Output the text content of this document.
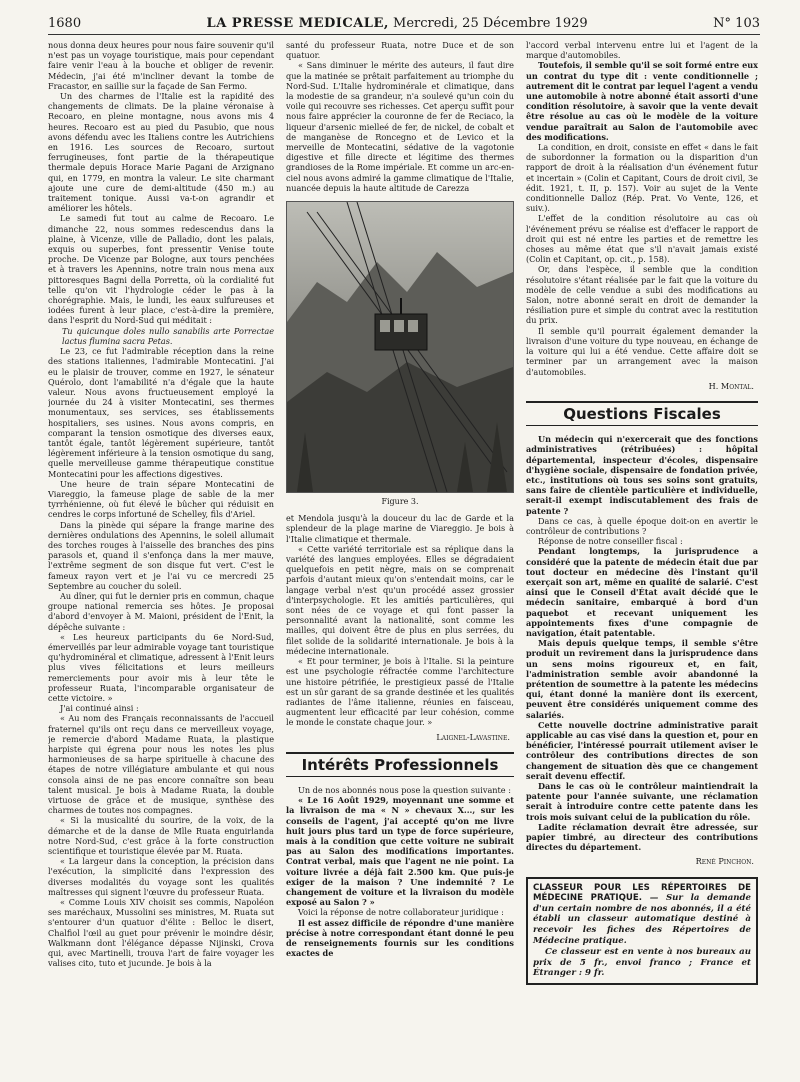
1680	LA PRESSE MEDICALE, Mercredi, 25 Décembre 1929	N° 103

nous donna deux heures pour nous faire souvenir qu'il n'est pas un voyage touristique, mais pour cependant faire venir l'eau à la bouche et obliger de revenir. Médecin, j'ai été m'incliner devant la tombe de Fracastor, en saillie sur la façade de San Fermo.

Un des charmes de l'Italie est la rapidité des changements de climats. De la plaine véronaise à Recoaro, en pleine montagne, nous avons mis 4 heures. Recoaro est au pied du Pasubio, que nous avons défendu avec les Italiens contre les Autrichiens en 1916. Les sources de Recoaro, surtout ferrugineuses, font partie de la thérapeutique thermale depuis Horace Marie Pagani de Arzignano qui, en 1779, en montra la valeur. Le site charmant ajoute une cure de demi-altitude (450 m.) au traitement tonique. Aussi va-t-on agrandir et améliorer les hôtels.

Le samedi fut tout au calme de Recoaro. Le dimanche 22, nous sommes redescendus dans la plaine, à Vicenze, ville de Palladio, dont les palais, exquis ou superbes, font pressentir Venise toute proche. De Vicenze par Bologne, aux tours penchées et à travers les Apennins, notre train nous mena aux pittoresques Bagni della Porretta, où la cordialité fut telle qu'on vit l'hydrologie céder le pas à la chorégraphie. Mais, le lundi, les eaux sulfureuses et iodées furent à leur place, c'est-à-dire la première, dans l'esprit du Nord-Sud qui méditait :

Tu quicunque doles nullo sanabilis arte Porrectae lactus flumina sacra Petas.

Le 23, ce fut l'admirable réception dans la reine des stations italiennes, l'admirable Montecatini. J'ai eu le plaisir de trouver, comme en 1927, le sénateur Quérolo, dont l'amabilité n'a d'égale que la haute valeur. Nous avons fructueusement employé la journée du 24 à visiter Montecatini, ses thermes monumentaux, ses services, ses établissements hospitaliers, ses usines. Nous avons compris, en comparant la tension osmotique des diverses eaux, tantôt égale, tantôt légèrement supérieure, tantôt légèrement inférieure à la tension osmotique du sang, quelle merveilleuse gamme thérapeutique constitue Montecatini pour les affections digestives.

Une heure de train sépare Montecatini de Viareggio, la fameuse plage de sable de la mer tyrrhénienne, où fut élevé le bûcher qui réduisit en cendres le corps infortuné de Schelley, fils d'Ariel.

Dans la pinède qui sépare la frange marine des dernières ondulations des Apennins, le soleil allumait des torches rouges à l'aisselle des branches des pins parasols et, quand il s'enfonça dans la mer mauve, l'extrême segment de son disque fut vert. C'est le fameux rayon vert et je l'ai vu ce mercredi 25 Septembre au coucher du soleil.

Au dîner, qui fut le dernier pris en commun, chaque groupe national remercia ses hôtes. Je proposai d'abord d'envoyer à M. Maioni, président de l'Enit, la dépêche suivante :

« Les heureux participants du 6e Nord-Sud, émerveillés par leur admirable voyage tant touristique qu'hydrominéral et climatique, adressent à l'Enit leurs plus vives félicitations et leurs meilleurs remerciements pour avoir mis à leur tête le professeur Ruata, l'incomparable organisateur de cette victoire. »

J'ai continué ainsi :

« Au nom des Français reconnaissants de l'accueil fraternel qu'ils ont reçu dans ce merveilleux voyage, je remercie d'abord Madame Ruata, la plastique harpiste qui égrena pour nous les notes les plus harmonieuses de sa harpe spirituelle à chacune des étapes de notre villégiature ambulante et qui nous consola ainsi de ne pas encore connaître son beau talent musical. Je bois à Madame Ruata, la double virtuose de grâce et de musique, synthèse des charmes de toutes nos compagnes.

« Si la musicalité du sourire, de la voix, de la démarche et de la danse de Mlle Ruata enguirlanda notre Nord-Sud, c'est grâce à la forte construction scientifique et touristique élevée par M. Ruata.

« La largeur dans la conception, la précision dans l'exécution, la simplicité dans l'expression des diverses modalités du voyage sont les qualités maîtresses qui signent l'œuvre du professeur Ruata.

« Comme Louis XIV choisit ses commis, Napoléon ses maréchaux, Mussolini ses ministres, M. Ruata sut s'entourer d'un quatuor d'élite : Belloc le disert, Chalfiol l'œil au guet pour prévenir le moindre désir, Walkmann dont l'élégance dépasse Nijinski, Crova qui, avec Martinelli, trouva l'art de faire voyager les valises cito, tuto et jucunde. Je bois à la

santé du professeur Ruata, notre Duce et de son quatuor.

« Sans diminuer le mérite des auteurs, il faut dire que la matinée se prêtait parfaitement au triomphe du Nord-Sud. L'Italie hydrominérale et climatique, dans la modestie de sa grandeur, n'a soulevé qu'un coin du voile qui recouvre ses richesses. Cet aperçu suffit pour nous faire apprécier la couronne de fer de Reciaco, la liqueur d'arsenic mielleé de fer, de nickel, de cobalt et de manganèse de Roncegno et de Levico et la merveille de Montecatini, sédative de la vagotonie digestive et fille directe et légitime des thermes grandioses de la Rome impériale. Et comme un arc-en-ciel nous avons admiré la gamme climatique de l'Italie, nuancée depuis la haute altitude de Carezza

Figure 3.

et Mendola jusqu'à la douceur du lac de Garde et la splendeur de la plage marine de Viareggio. Je bois à l'Italie climatique et thermale.

« Cette variété territoriale est sa réplique dans la variété des langues employées. Elles se dégradaient quelquefois en petit nègre, mais on se comprenait parfois d'autant mieux qu'on s'entendait moins, car le langage verbal n'est qu'un procédé assez grossier d'interpsychologie. Et les amitiés particulières, qui sont nées de ce voyage et qui font passer la personnalité avant la nationalité, sont comme les mailles, qui doivent être de plus en plus serrées, du filet solide de la solidarité internationale. Je bois à la médecine internationale.

« Et pour terminer, je bois à l'Italie. Si la peinture est une psychologie réfractée comme l'architecture une histoire pétrifiée, le prestigieux passé de l'Italie est un sûr garant de sa grande destinée et les qualités radiantes de l'âme italienne, réunies en faisceau, augmentent leur efficacité par leur cohésion, comme le monde le constate chaque jour. »

Laignel-Lavastine.

Intérêts Professionnels

Un de nos abonnés nous pose la question suivante :

« Le 16 Août 1929, moyennant une somme et la livraison de ma « N » chevaux X..., sur les conseils de l'agent, j'ai accepté qu'on me livre huit jours plus tard un type de force supérieure, mais à la condition que cette voiture ne subirait pas au Salon des modifications importantes. Contrat verbal, mais que l'agent ne nie point. La voiture livrée a déjà fait 2.500 km. Que puis-je exiger de la maison ? Une indemnité ? Le changement de voiture et la livraison du modèle exposé au Salon ? »

Voici la réponse de notre collaborateur juridique :

Il est assez difficile de répondre d'une manière précise à notre correspondant étant donné le peu de renseignements fournis sur les conditions exactes de

l'accord verbal intervenu entre lui et l'agent de la marque d'automobiles.

Toutefois, il semble qu'il se soit formé entre eux un contrat du type dit : vente conditionnelle ; autrement dit le contrat par lequel l'agent a vendu une automobile à notre abonné était assorti d'une condition résolutoire, à savoir que la vente devait être résolue au cas où le modèle de la voiture vendue paraîtrait au Salon de l'automobile avec des modifications.

La condition, en droit, consiste en effet « dans le fait de subordonner la formation ou la disparition d'un rapport de droit à la réalisation d'un événement futur et incertain » (Colin et Capitant, Cours de droit civil, 3e édit. 1921, t. II, p. 157). Voir au sujet de la Vente conditionnelle Dalloz (Rép. Prat. Vo Vente, 126, et suiv.).

L'effet de la condition résolutoire au cas où l'événement prévu se réalise est d'effacer le rapport de droit qui est né entre les parties et de remettre les choses au même état que s'il n'avait jamais existé (Colin et Capitant, op. cit., p. 158).

Or, dans l'espèce, il semble que la condition résolutoire s'étant réalisée par le fait que la voiture du modèle de celle vendue a subi des modifications au Salon, notre abonné serait en droit de demander la résiliation pure et simple du contrat avec la restitution du prix.

Il semble qu'il pourrait également demander la livraison d'une voiture du type nouveau, en échange de la voiture qui lui a été vendue. Cette affaire doit se terminer par un arrangement avec la maison d'automobiles.

H. Montal.

Questions Fiscales

Un médecin qui n'exercerait que des fonctions administratives (rétribuées) : hôpital départemental, inspecteur d'écoles, dispensaire d'hygiène sociale, dispensaire de fondation privée, etc., institutions où tous ses soins sont gratuits, sans faire de clientèle particulière et individuelle, serait-il exempt indiscutablement des frais de patente ?

Dans ce cas, à quelle époque doit-on en avertir le contrôleur de contributions ?

Réponse de notre conseiller fiscal :

Pendant longtemps, la jurisprudence a considéré que la patente de médecin était due par tout docteur en médecine dès l'instant qu'il exerçait son art, même en qualité de salarié. C'est ainsi que le Conseil d'État avait décidé que le médecin sanitaire, embarqué à bord d'un paquebot et recevant uniquement les appointements fixes d'une compagnie de navigation, était patentable.

Mais depuis quelque temps, il semble s'être produit un revirement dans la jurisprudence dans un sens moins rigoureux et, en fait, l'administration semble avoir abandonné la prétention de soumettre à la patente les médecins qui, étant donné la manière dont ils exercent, peuvent être considérés uniquement comme des salariés.

Cette nouvelle doctrine administrative parait applicable au cas visé dans la question et, pour en bénéficier, l'intéressé pourrait utilement aviser le contrôleur des contributions directes de son changement de situation dès que ce changement serait devenu effectif.

Dans le cas où le contrôleur maintiendrait la patente pour l'année suivante, une réclamation serait à introduire contre cette patente dans les trois mois suivant celui de la publication du rôle.

Ladite réclamation devrait être adressée, sur papier timbré, au directeur des contributions directes du département.

René Pinchon.

CLASSEUR POUR LES RÉPERTOIRES DE MÉDECINE PRATIQUE. — Sur la demande d'un certain nombre de nos abonnés, il a été établi un classeur automatique destiné à recevoir les fiches des Répertoires de Médecine pratique.
Ce classeur est en vente à nos bureaux au prix de 5 fr., envoi franco ; France et Étranger : 9 fr.
